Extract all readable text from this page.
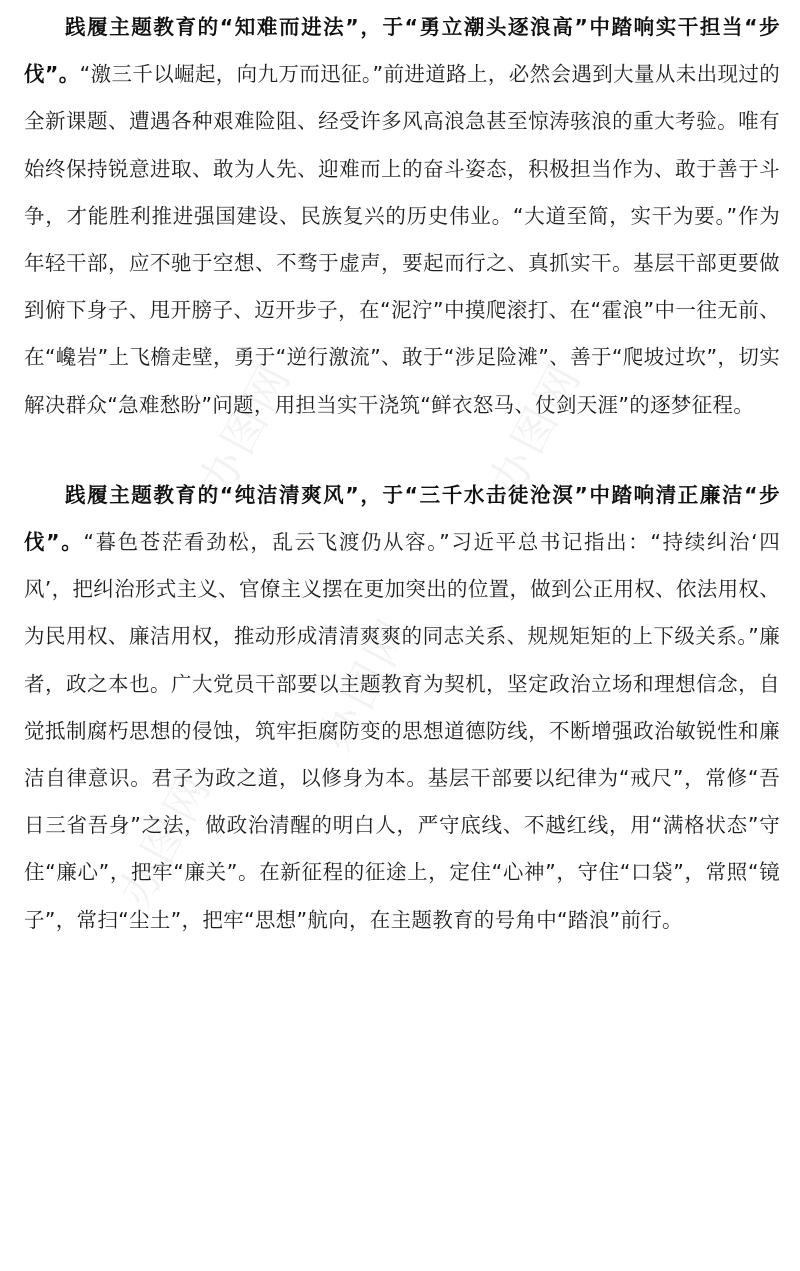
办图网	办图网
办图网
办图网

践履主题教育的“知难而进法”，于“勇立潮头逐浪高”中踏响实干担当“步伐”。“激三千以崛起，向九万而迅征。”前进道路上，必然会遇到大量从未出现过的全新课题、遭遇各种艰难险阻、经受许多风高浪急甚至惊涛骇浪的重大考验。唯有始终保持锐意进取、敢为人先、迎难而上的奋斗姿态，积极担当作为、敢于善于斗争，才能胜利推进强国建设、民族复兴的历史伟业。“大道至简，实干为要。”作为年轻干部，应不驰于空想、不骛于虚声，要起而行之、真抓实干。基层干部更要做到俯下身子、甩开膀子、迈开步子，在“泥泞”中摸爬滚打、在“霍浪”中一往无前、在“巉岩”上飞檐走壁，勇于“逆行激流”、敢于“涉足险滩”、善于“爬坡过坎”，切实解决群众“急难愁盼”问题，用担当实干浇筑“鲜衣怒马、仗剑天涯”的逐梦征程。

践履主题教育的“纯洁清爽风”，于“三千水击徒沧溟”中踏响清正廉洁“步伐”。“暮色苍茫看劲松，乱云飞渡仍从容。”习近平总书记指出：“持续纠治‘四风’，把纠治形式主义、官僚主义摆在更加突出的位置，做到公正用权、依法用权、为民用权、廉洁用权，推动形成清清爽爽的同志关系、规规矩矩的上下级关系。”廉者，政之本也。广大党员干部要以主题教育为契机，坚定政治立场和理想信念，自觉抵制腐朽思想的侵蚀，筑牢拒腐防变的思想道德防线，不断增强政治敏锐性和廉洁自律意识。君子为政之道，以修身为本。基层干部要以纪律为“戒尺”，常修“吾日三省吾身”之法，做政治清醒的明白人，严守底线、不越红线，用“满格状态”守住“廉心”，把牢“廉关”。在新征程的征途上，定住“心神”，守住“口袋”，常照“镜子”，常扫“尘土”，把牢“思想”航向，在主题教育的号角中“踏浪”前行。
